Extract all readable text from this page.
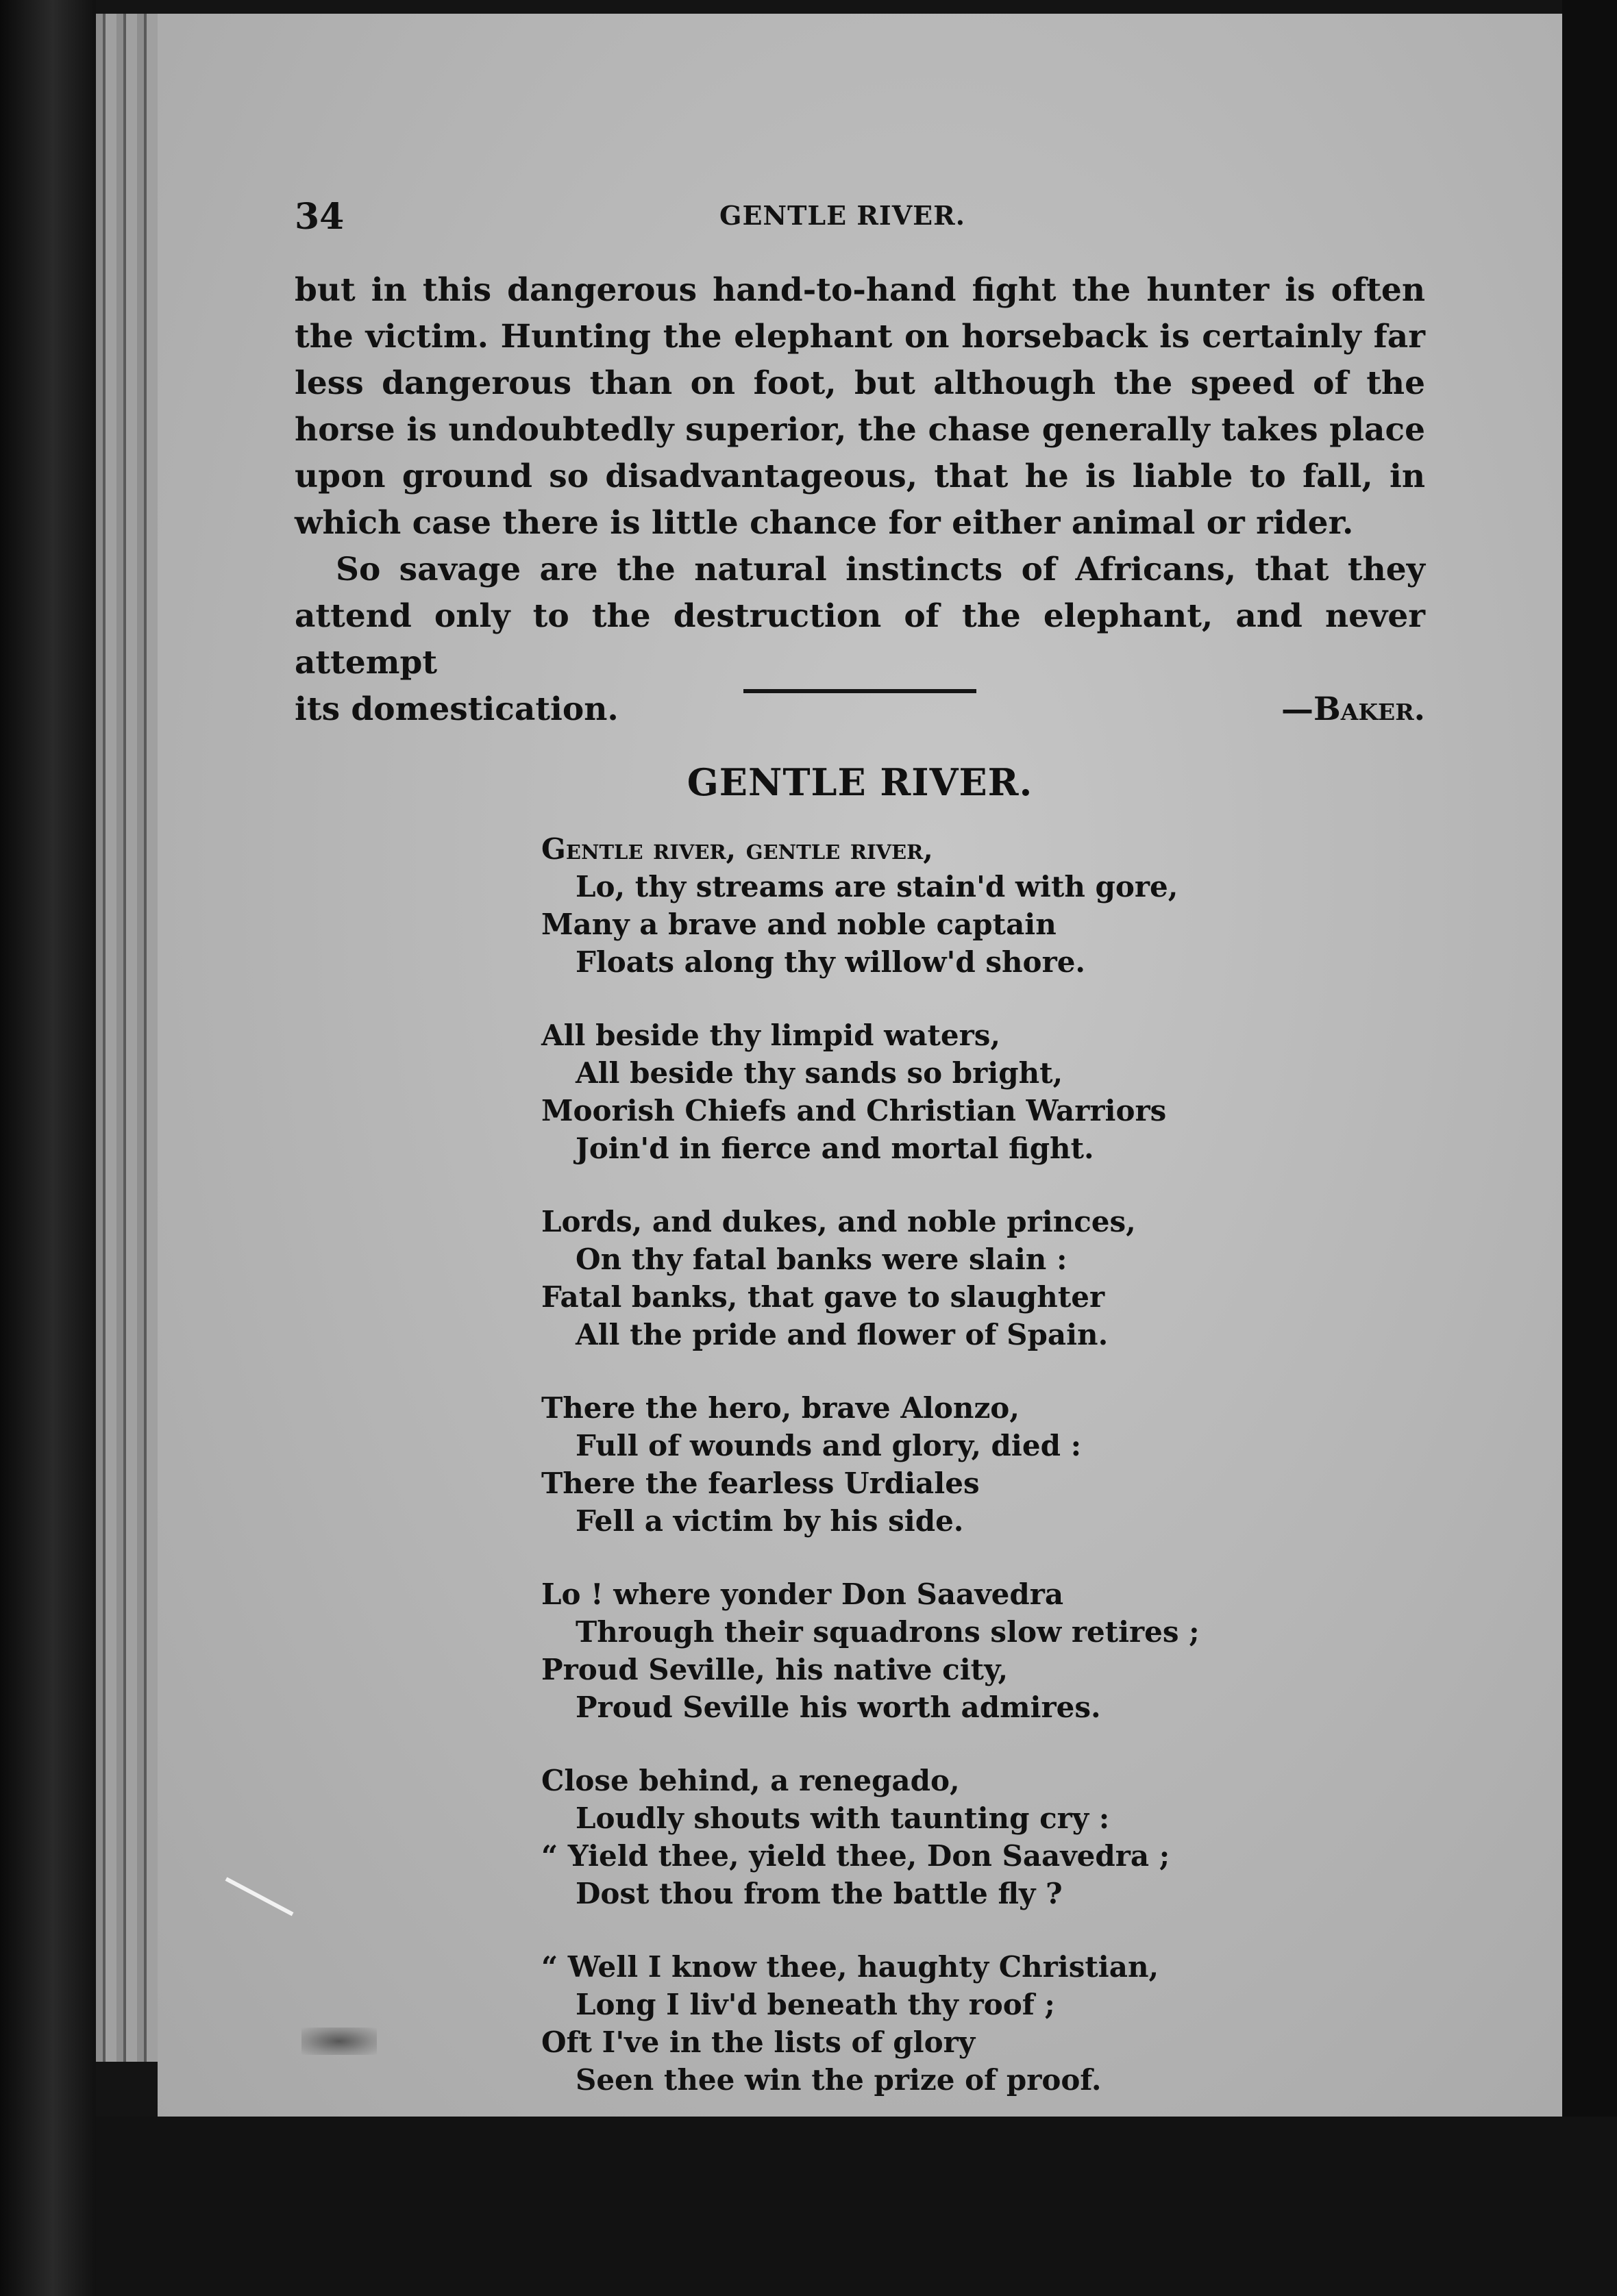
34	GENTLE RIVER.

but in this dangerous hand-to-hand fight the hunter is often the victim. Hunting the elephant on horseback is certainly far less dangerous than on foot, but although the speed of the horse is undoubtedly superior, the chase generally takes place upon ground so disadvantageous, that he is liable to fall, in which case there is little chance for either animal or rider.

So savage are the natural instincts of Africans, that they attend only to the destruction of the elephant, and never attempt

its domestication.	—Baker.
GENTLE RIVER.
Gentle river, gentle river,
Lo, thy streams are stain'd with gore,
Many a brave and noble captain
Floats along thy willow'd shore.
All beside thy limpid waters,
All beside thy sands so bright,
Moorish Chiefs and Christian Warriors
Join'd in fierce and mortal fight.
Lords, and dukes, and noble princes,
On thy fatal banks were slain :
Fatal banks, that gave to slaughter
All the pride and flower of Spain.
There the hero, brave Alonzo,
Full of wounds and glory, died :
There the fearless Urdiales
Fell a victim by his side.
Lo ! where yonder Don Saavedra
Through their squadrons slow retires ;
Proud Seville, his native city,
Proud Seville his worth admires.
Close behind, a renegado,
Loudly shouts with taunting cry :
“ Yield thee, yield thee, Don Saavedra ;
Dost thou from the battle fly ?
“ Well I know thee, haughty Christian,
Long I liv'd beneath thy roof ;
Oft I've in the lists of glory
Seen thee win the prize of proof.
